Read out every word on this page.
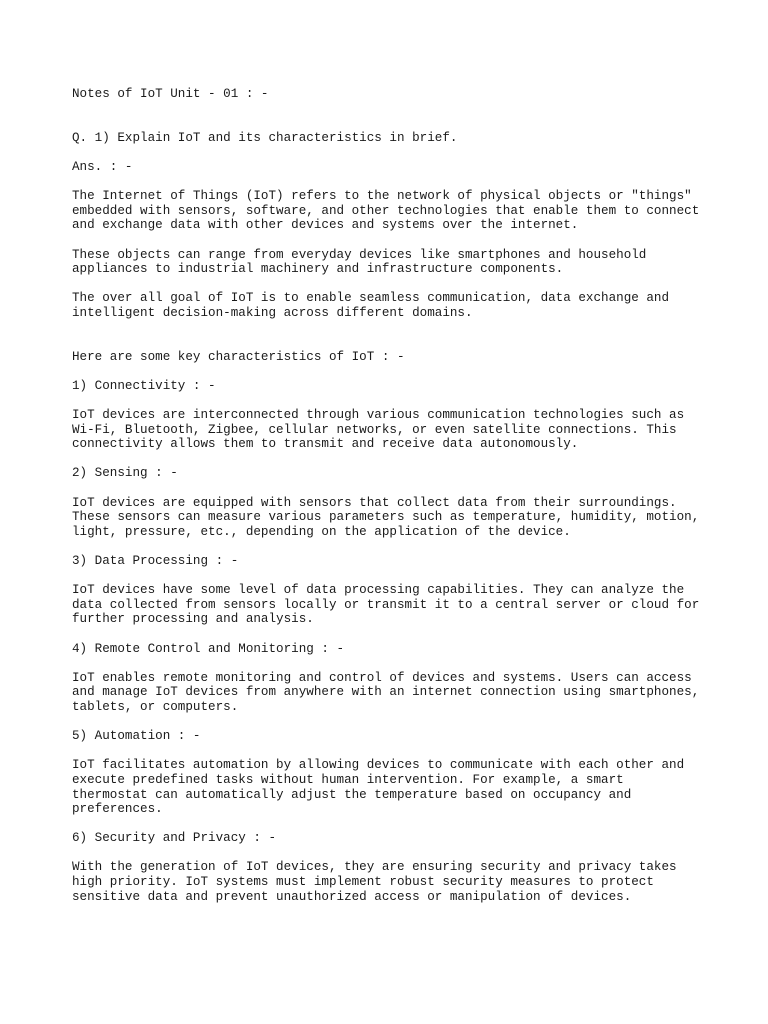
Notes of IoT Unit - 01 : -
Q. 1) Explain IoT and its characteristics in brief.
Ans. : -
The Internet of Things (IoT) refers to the network of physical objects or "things"
embedded with sensors, software, and other technologies that enable them to connect
and exchange data with other devices and systems over the internet.
These objects can range from everyday devices like smartphones and household
appliances to industrial machinery and infrastructure components.
The over all goal of IoT is to enable seamless communication, data exchange and
intelligent decision-making across different domains.
Here are some key characteristics of IoT : -
1) Connectivity : -
IoT devices are interconnected through various communication technologies such as
Wi-Fi, Bluetooth, Zigbee, cellular networks, or even satellite connections. This
connectivity allows them to transmit and receive data autonomously.
2) Sensing : -
IoT devices are equipped with sensors that collect data from their surroundings.
These sensors can measure various parameters such as temperature, humidity, motion,
light, pressure, etc., depending on the application of the device.
3) Data Processing : -
IoT devices have some level of data processing capabilities. They can analyze the
data collected from sensors locally or transmit it to a central server or cloud for
further processing and analysis.
4) Remote Control and Monitoring : -
IoT enables remote monitoring and control of devices and systems. Users can access
and manage IoT devices from anywhere with an internet connection using smartphones,
tablets, or computers.
5) Automation : -
IoT facilitates automation by allowing devices to communicate with each other and
execute predefined tasks without human intervention. For example, a smart
thermostat can automatically adjust the temperature based on occupancy and
preferences.
6) Security and Privacy : -
With the generation of IoT devices, they are ensuring security and privacy takes
high priority. IoT systems must implement robust security measures to protect
sensitive data and prevent unauthorized access or manipulation of devices.
